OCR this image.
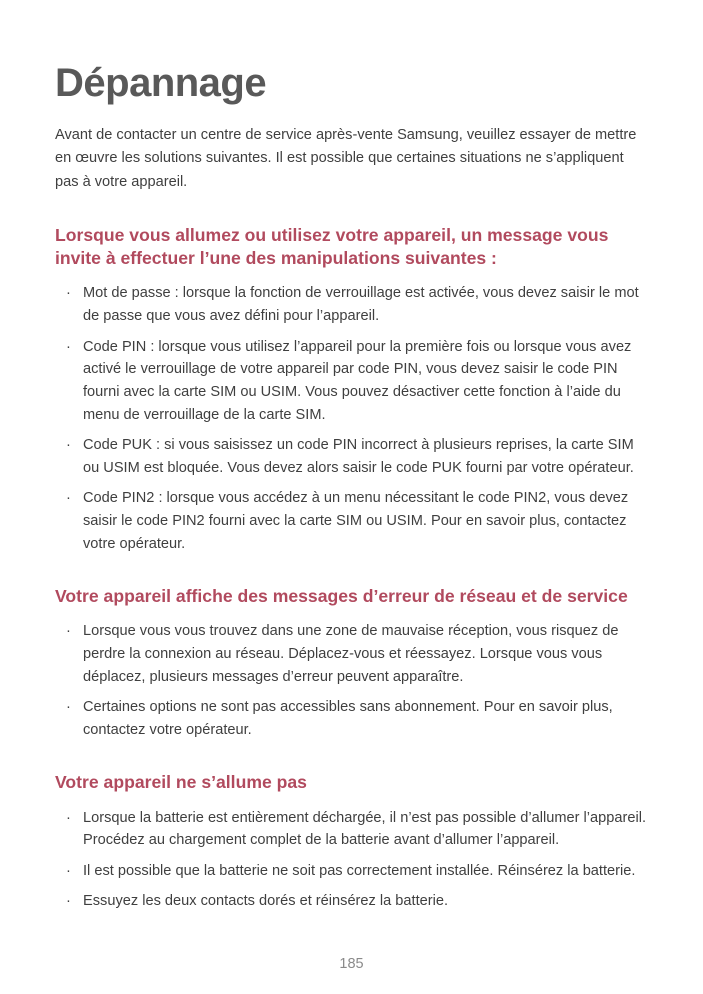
Dépannage

Avant de contacter un centre de service après-vente Samsung, veuillez essayer de mettre en œuvre les solutions suivantes. Il est possible que certaines situations ne s’appliquent pas à votre appareil.

Lorsque vous allumez ou utilisez votre appareil, un message vous invite à effectuer l’une des manipulations suivantes :
· Mot de passe : lorsque la fonction de verrouillage est activée, vous devez saisir le mot de passe que vous avez défini pour l’appareil.
· Code PIN : lorsque vous utilisez l’appareil pour la première fois ou lorsque vous avez activé le verrouillage de votre appareil par code PIN, vous devez saisir le code PIN fourni avec la carte SIM ou USIM. Vous pouvez désactiver cette fonction à l’aide du menu de verrouillage de la carte SIM.
· Code PUK : si vous saisissez un code PIN incorrect à plusieurs reprises, la carte SIM ou USIM est bloquée. Vous devez alors saisir le code PUK fourni par votre opérateur.
· Code PIN2 : lorsque vous accédez à un menu nécessitant le code PIN2, vous devez saisir le code PIN2 fourni avec la carte SIM ou USIM. Pour en savoir plus, contactez votre opérateur.
Votre appareil affiche des messages d’erreur de réseau et de service
· Lorsque vous vous trouvez dans une zone de mauvaise réception, vous risquez de perdre la connexion au réseau. Déplacez-vous et réessayez. Lorsque vous vous déplacez, plusieurs messages d’erreur peuvent apparaître.
· Certaines options ne sont pas accessibles sans abonnement. Pour en savoir plus, contactez votre opérateur.
Votre appareil ne s’allume pas
· Lorsque la batterie est entièrement déchargée, il n’est pas possible d’allumer l’appareil. Procédez au chargement complet de la batterie avant d’allumer l’appareil.
· Il est possible que la batterie ne soit pas correctement installée. Réinsérez la batterie.
· Essuyez les deux contacts dorés et réinsérez la batterie.
185
